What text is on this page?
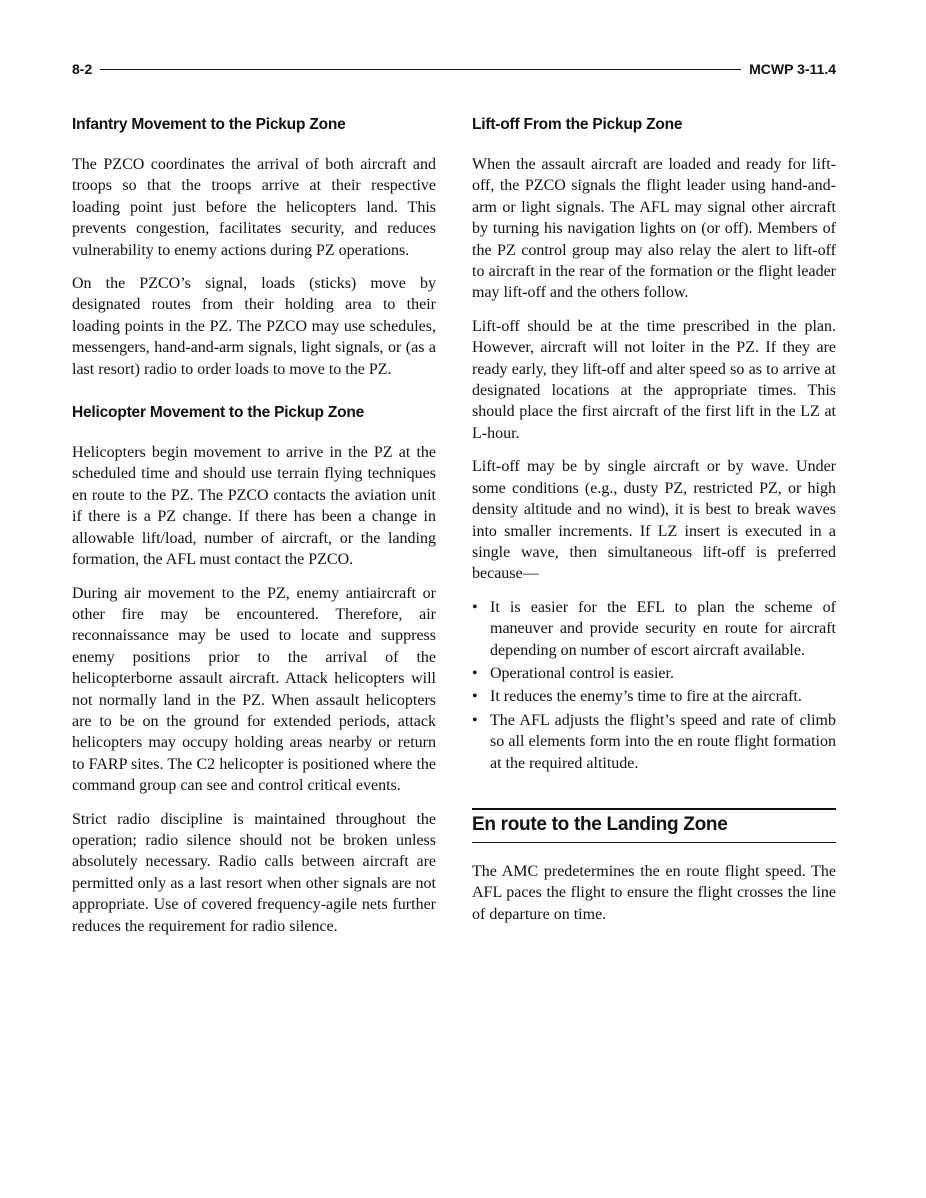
8-2	MCWP 3-11.4
Infantry Movement to the Pickup Zone

The PZCO coordinates the arrival of both aircraft and troops so that the troops arrive at their respective loading point just before the helicopters land. This prevents congestion, facilitates security, and reduces vulnerability to enemy actions during PZ operations.

On the PZCO’s signal, loads (sticks) move by designated routes from their holding area to their loading points in the PZ. The PZCO may use schedules, messengers, hand-and-arm signals, light signals, or (as a last resort) radio to order loads to move to the PZ.

Helicopter Movement to the Pickup Zone

Helicopters begin movement to arrive in the PZ at the scheduled time and should use terrain flying techniques en route to the PZ. The PZCO contacts the aviation unit if there is a PZ change. If there has been a change in allowable lift/load, number of aircraft, or the landing formation, the AFL must contact the PZCO.

During air movement to the PZ, enemy antiaircraft or other fire may be encountered. Therefore, air reconnaissance may be used to locate and suppress enemy positions prior to the arrival of the helicopterborne assault aircraft. Attack helicopters will not normally land in the PZ. When assault helicopters are to be on the ground for extended periods, attack helicopters may occupy holding areas nearby or return to FARP sites. The C2 helicopter is positioned where the command group can see and control critical events.

Strict radio discipline is maintained throughout the operation; radio silence should not be broken unless absolutely necessary. Radio calls between aircraft are permitted only as a last resort when other signals are not appropriate. Use of covered frequency-agile nets further reduces the requirement for radio silence.

Lift-off From the Pickup Zone

When the assault aircraft are loaded and ready for lift-off, the PZCO signals the flight leader using hand-and-arm or light signals. The AFL may signal other aircraft by turning his navigation lights on (or off). Members of the PZ control group may also relay the alert to lift-off to aircraft in the rear of the formation or the flight leader may lift-off and the others follow.

Lift-off should be at the time prescribed in the plan. However, aircraft will not loiter in the PZ. If they are ready early, they lift-off and alter speed so as to arrive at designated locations at the appropriate times. This should place the first aircraft of the first lift in the LZ at L-hour.

Lift-off may be by single aircraft or by wave. Under some conditions (e.g., dusty PZ, restricted PZ, or high density altitude and no wind), it is best to break waves into smaller increments. If LZ insert is executed in a single wave, then simultaneous lift-off is preferred because—

• It is easier for the EFL to plan the scheme of maneuver and provide security en route for aircraft depending on number of escort aircraft available.
• Operational control is easier.
• It reduces the enemy’s time to fire at the aircraft.
• The AFL adjusts the flight’s speed and rate of climb so all elements form into the en route flight formation at the required altitude.
En route to the Landing Zone

The AMC predetermines the en route flight speed. The AFL paces the flight to ensure the flight crosses the line of departure on time.
